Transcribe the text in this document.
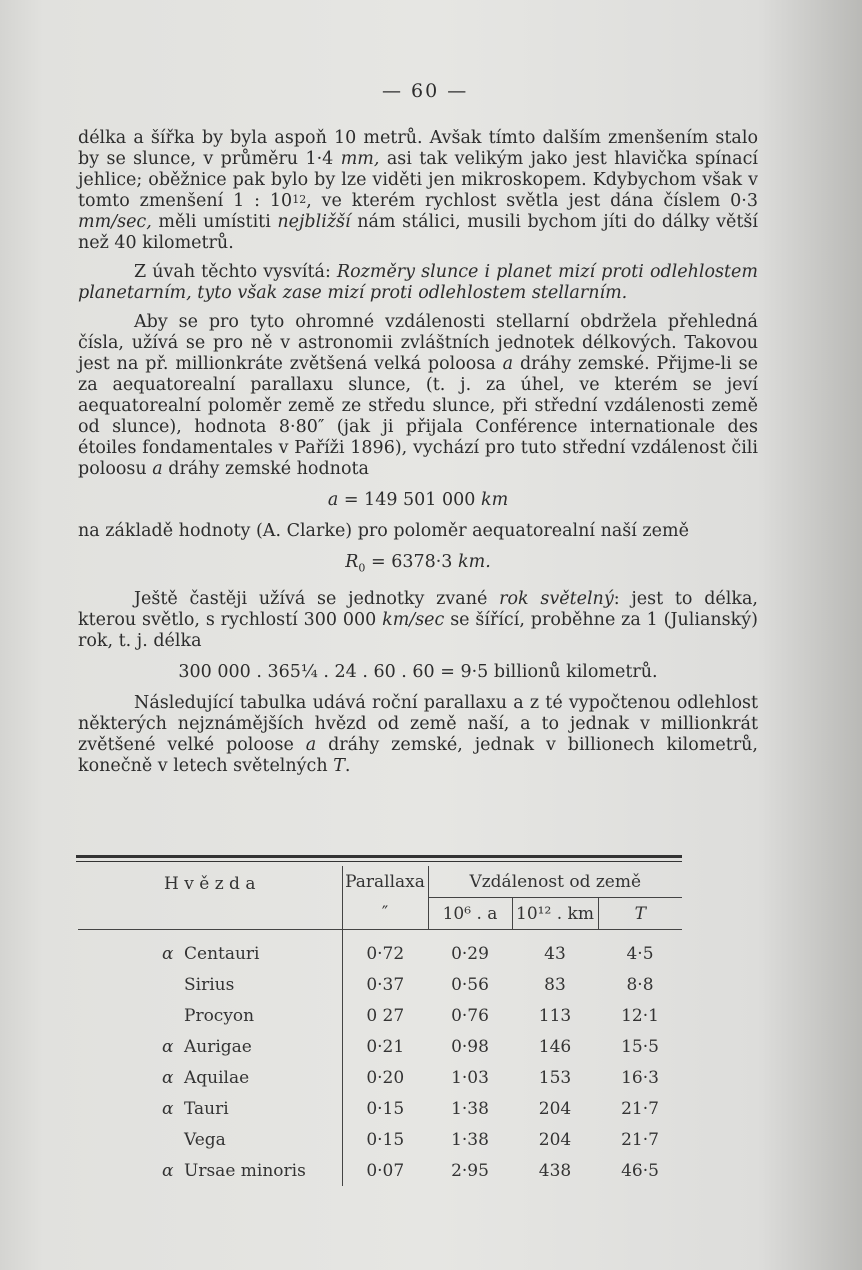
— 60 —

délka a šířka by byla aspoň 10 metrů. Avšak tímto dalším zmenšením stalo by se slunce, v průměru 1·4 mm, asi tak velikým jako jest hlavička spínací jehlice; oběžnice pak bylo by lze viděti jen mikroskopem. Kdybychom však v tomto zmenšení 1 : $10^{12}$, ve kterém rychlost světla jest dána číslem 0·3 mm/sec, měli umístiti nejbližší nám stálici, musili bychom jíti do dálky větší než 40 kilometrů.

Z úvah těchto vysvítá: Rozměry slunce i planet mizí proti odlehlostem planetarním, tyto však zase mizí proti odlehlostem stellarním.

Aby se pro tyto ohromné vzdálenosti stellarní obdržela přehledná čísla, užívá se pro ně v astronomii zvláštních jednotek délkových. Takovou jest na př. millionkráte zvětšená velká poloosa a dráhy zemské. Přijme-li se za aequatorealní parallaxu slunce, (t. j. za úhel, ve kterém se jeví aequatorealní poloměr země ze středu slunce, při střední vzdálenosti země od slunce), hodnota 8·80″ (jak ji přijala Conférence internationale des étoiles fondamentales v Paříži 1896), vychází pro tuto střední vzdálenost čili poloosu a dráhy zemské hodnota

a = 149 501 000 km

na základě hodnoty (A. Clarke) pro poloměr aequatorealní naší země

$R_0 = 6378\cdot 3$ km.

Ještě častěji užívá se jednotky zvané rok světelný: jest to délka, kterou světlo, s rychlostí 300 000 km/sec se šířící, proběhne za 1 (Julianský) rok, t. j. délka

300 000 . 365¼ . 24 . 60 . 60 = 9·5 billionů kilometrů.

Následující tabulka udává roční parallaxu a z té vypočtenou odlehlost některých nejznámějších hvězd od země naší, a to jednak v millionkrát zvětšené velké poloose a dráhy zemské, jednak v billionech kilometrů, konečně v letech světelných T.

H v ě z d a	Parallaxa	Vzdálenost od země		
	″	10⁶ . a	10¹² . km	T

α Centauri	0·72	0·29	43	4·5
Sirius	0·37	0·56	83	8·8
Procyon	0 27	0·76	113	12·1
α Aurigae	0·21	0·98	146	15·5
α Aquilae	0·20	1·03	153	16·3
α Tauri	0·15	1·38	204	21·7
Vega	0·15	1·38	204	21·7
α Ursae minoris	0·07	2·95	438	46·5
